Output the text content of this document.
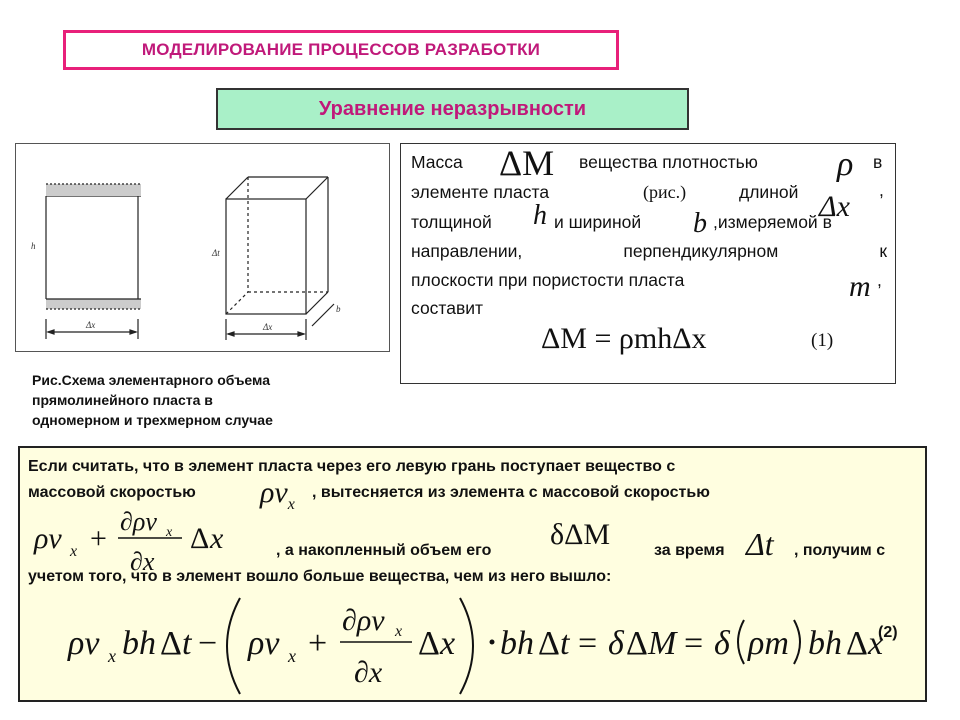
МОДЕЛИРОВАНИЕ ПРОЦЕССОВ РАЗРАБОТКИ
Уравнение неразрывности
Δx
h
Δx
Δt
b
Рис.Схема элементарного объема
прямолинейного пласта в
одномерном и трехмерном случае
Масса ΔM вещества плотностью ρ в
элементе пласта	(рис.)	длиной Δx ,
толщиной h и шириной b ,измеряемой в
направлении,	перпендикулярном	к
плоскости при пористости пласта	m ,
составит
ΔM = ρmhΔx	(1)
Если считать, что в элемент пласта через его левую грань поступает вещество с
массовой скоростью $\rho v_x$
, вытесняется из элемента с массовой скоростью
ρv x +
∂ρv x
∂x
Δ x	, а накопленный объем его δΔM	за время Δt , получим с
учетом того, что в элемент вошло больше вещества, чем из него вышло:
ρv x bh Δ t − ρv x +
∂ρv x
∂x
Δ x bh Δ t = δ Δ M = δ ρm bh Δ x
(2)
